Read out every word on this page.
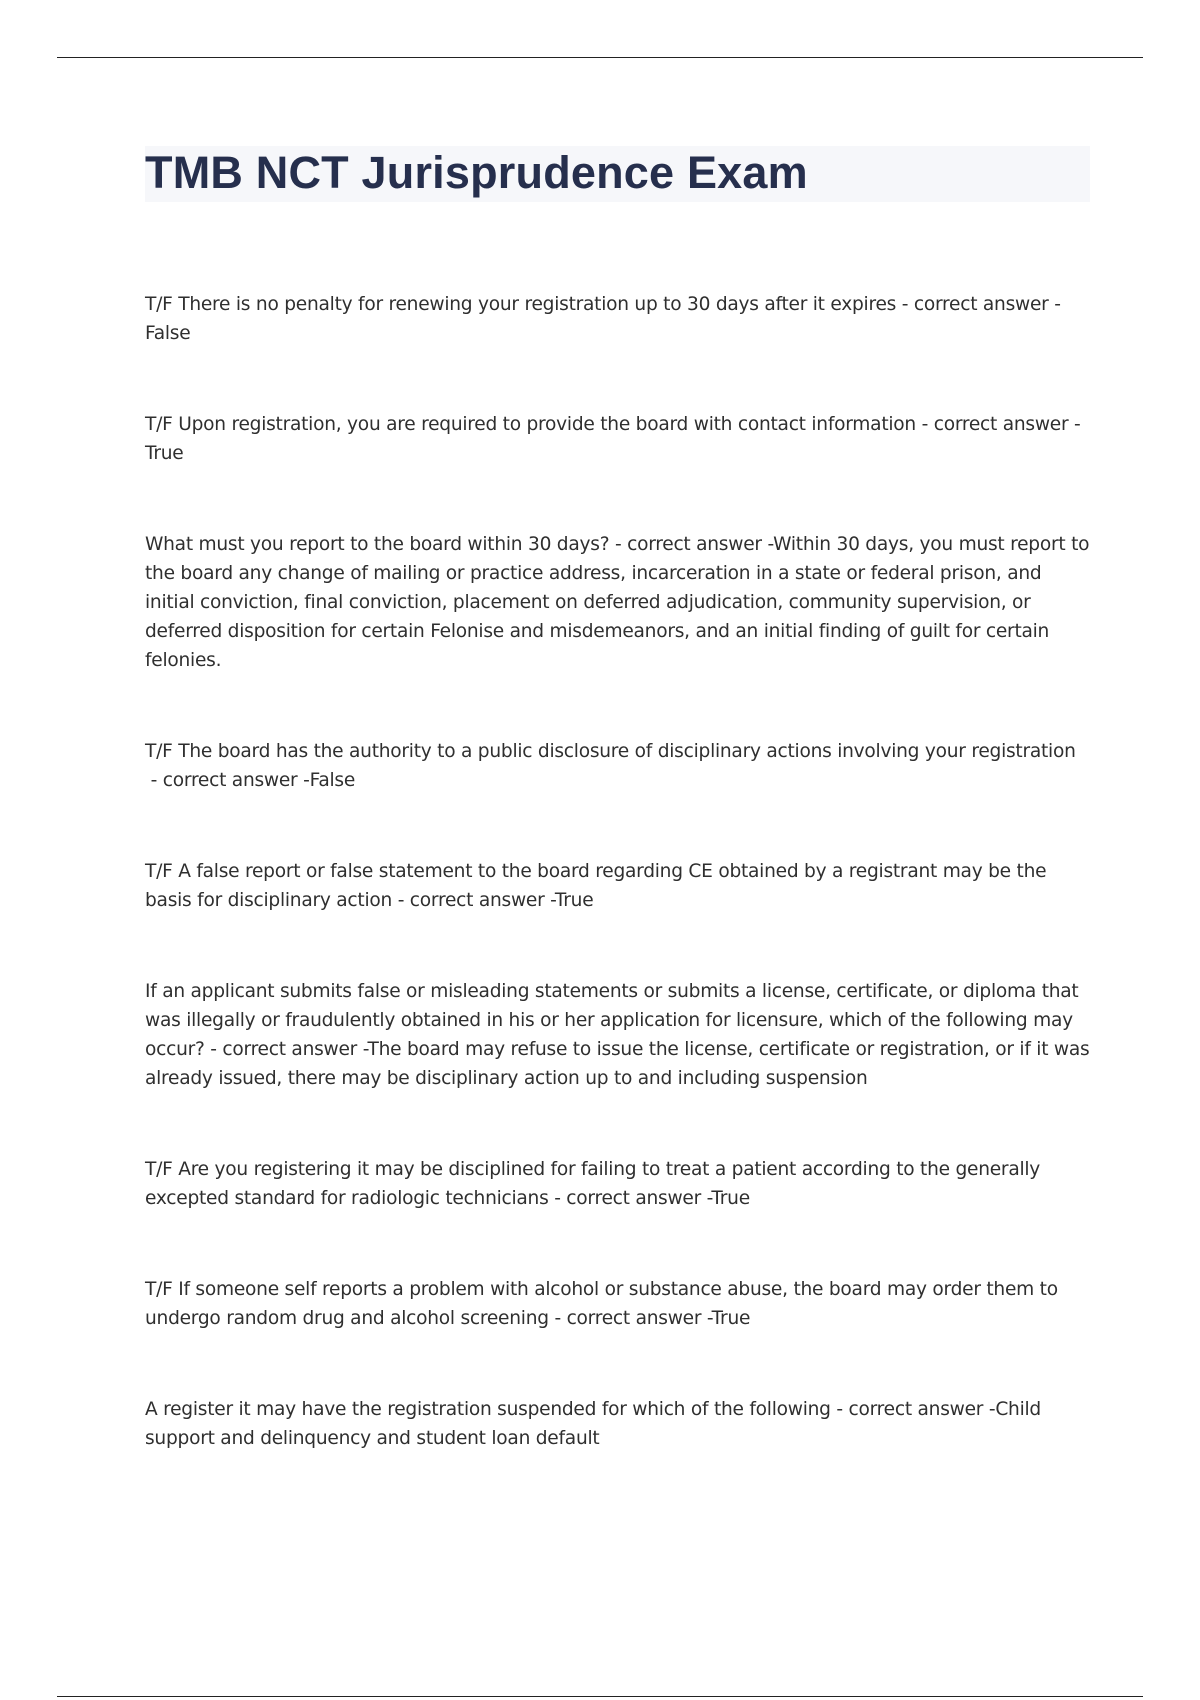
TMB NCT Jurisprudence Exam
T/F There is no penalty for renewing your registration up to 30 days after it expires - correct answer -False
T/F Upon registration, you are required to provide the board with contact information - correct answer -True
What must you report to the board within 30 days? - correct answer -Within 30 days, you must report to the board any change of mailing or practice address, incarceration in a state or federal prison, and initial conviction, final conviction, placement on deferred adjudication, community supervision, or deferred disposition for certain Felonise and misdemeanors, and an initial finding of guilt for certain felonies.
T/F The board has the authority to a public disclosure of disciplinary actions involving your registration - correct answer -False
T/F A false report or false statement to the board regarding CE obtained by a registrant may be the basis for disciplinary action - correct answer -True
If an applicant submits false or misleading statements or submits a license, certificate, or diploma that was illegally or fraudulently obtained in his or her application for licensure, which of the following may occur? - correct answer -The board may refuse to issue the license, certificate or registration, or if it was already issued, there may be disciplinary action up to and including suspension
T/F Are you registering it may be disciplined for failing to treat a patient according to the generally excepted standard for radiologic technicians - correct answer -True
T/F If someone self reports a problem with alcohol or substance abuse, the board may order them to undergo random drug and alcohol screening - correct answer -True
A register it may have the registration suspended for which of the following - correct answer -Child support and delinquency and student loan default
